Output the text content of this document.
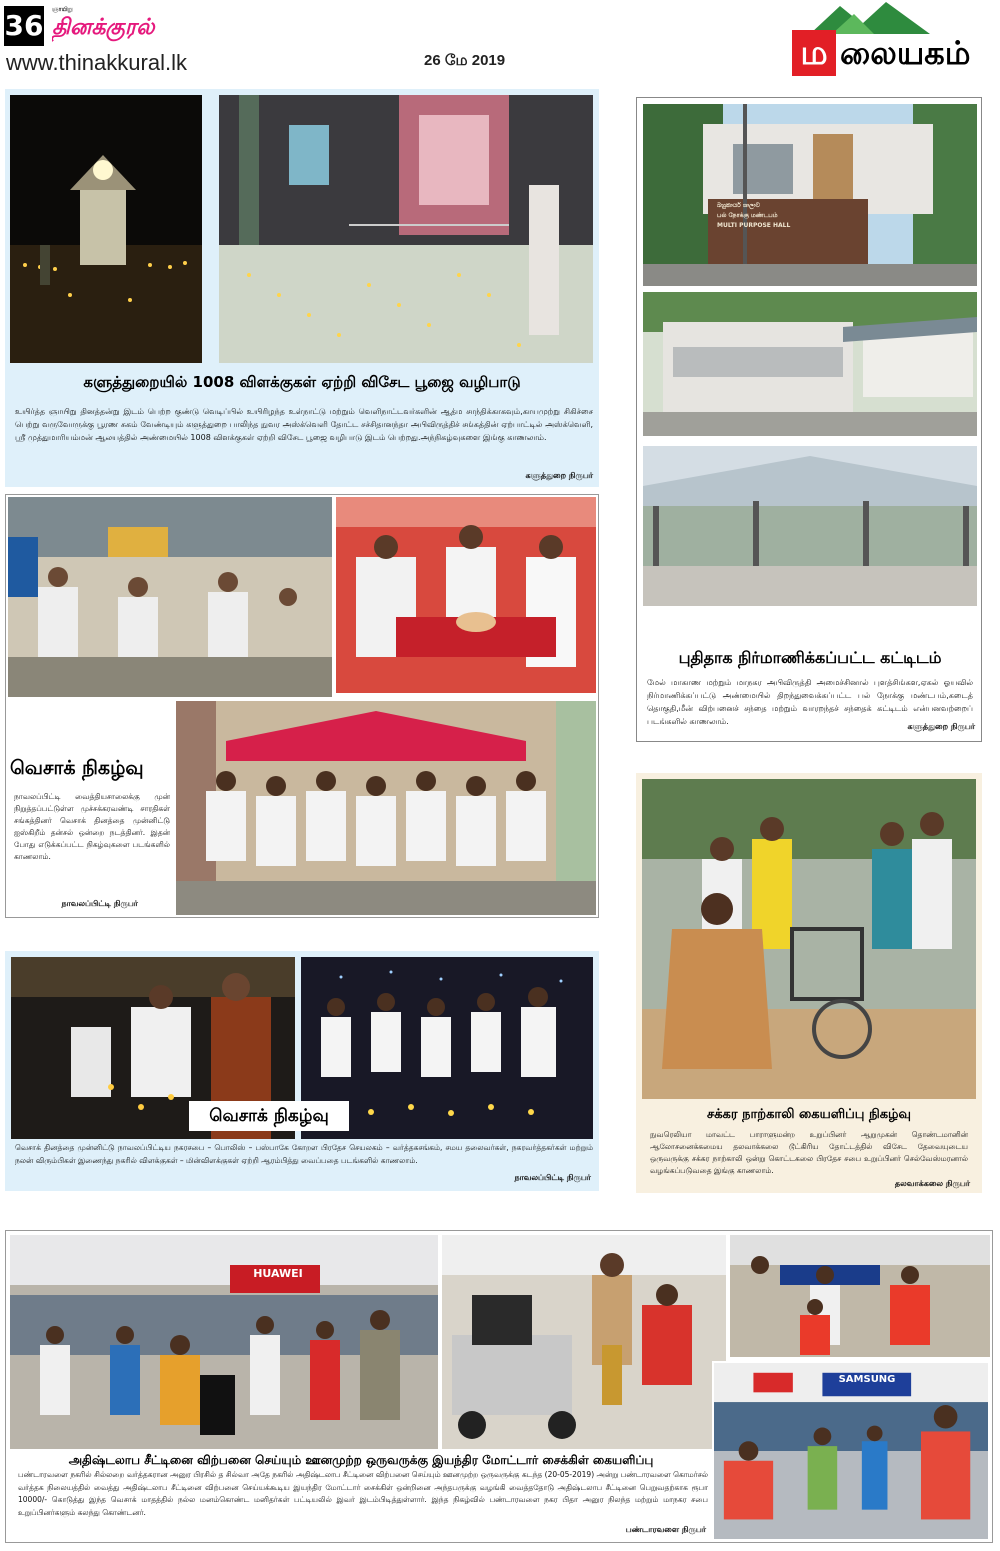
36 ஞாயிறு
தினக்குரல்
www.thinakkural.lk	26 மே 2019	ம லையகம்
களுத்துறையில் 1008 விளக்குகள் ஏற்றி விசேட பூஜை வழிபாடு
உயிர்த்த ஞாயிறு தினத்தன்று இடம் பெற்ற குண்டு வெடிப்பில் உயிரிழந்த உள்நாட்டு மற்றும் வெளிநாட்டவர்களின் ஆத்ம சாந்திக்காகவும்,காயமுற்று சிகிச்சை பெற்று வருவோருக்கு பூரண சுகம் வேண்டியும் களுத்துறை பாலிந்த நுவர அஸ்க்வெளி தோட்ட சச்சிதானந்தா அபிவிருத்திச் சங்கத்தின் ஏற்பாட்டில் அஸ்க்வெளி, ஸ்ரீ முத்துமாரியம்மன் ஆலயத்தில் அண்மையில் 1008 விளக்குகள் ஏற்றி விசேட பூஜை வழிபாடு இடம் பெற்றது.அந்நிகழ்வுகளை இங்கு காணலாம்.
களுத்துறை நிருபர்
බහුකාර්ය ශාලාව
பல் நோக்கு மண்டபம்
MULTI PURPOSE HALL
புதிதாக நிர்மாணிக்கப்பட்ட கட்டிடம்
மேல் மாகாண மற்றும் மாநகர அபிவிருத்தி அமைச்சினால் புளத்சிங்கள,ஏகல் ஓயவில் நிர்மாணிக்கப்பட்டு அண்மையில் திறந்துவைக்கப்பட்ட பல் நோக்கு மண்டபம்,கடைத் தொகுதி,மீன் விற்பனைச் சந்தை மற்றும் வாரறந்தச் சந்தைக் கட்டிடம் என்பனவற்றைப் படங்களில் காணலாம்.
களுத்துறை நிருபர்
வெசாக் நிகழ்வு
நாவலப்பிட்டி வைத்தியசாலைக்கு முன் நிறுத்தப்பட்டுள்ள முச்சக்கரவண்டி சாரதிகள் சங்கத்தினர் வெசாக் தினத்தை முன்னிட்டு ஐஸ்கிறீம் தன்சல் ஒன்றை நடத்தினர். இதன் போது எடுக்கப்பட்ட நிகழ்வுகளை படங்களில் காணலாம்.
நாவலப்பிட்டி நிருபர்
சக்கர நாற்காலி கையளிப்பு நிகழ்வு
நுவரெலியா மாவட்ட பாராளுமன்ற உறுப்பினர் ஆறுமுகன் தொண்டமானின் ஆலோசனைக்கமைய தலவாக்கலை டூட்கிரிய தோட்டத்தில் விசேட தேவையுடைய ஒருவருக்கு சக்கர நாற்காலி ஒன்று கொட்டகலை பிரதேச சபை உறுப்பினர் செல்வேஸ்மரனால் வழங்கப்படுவதை இங்கு காணலாம்.
தலவாக்கலை நிருபர்
வெசாக் நிகழ்வு
வெசாக் தினத்தை முன்னிட்டு நாவலப்பிட்டிய நகரசபை – பொலிஸ் – பஸ்பாகே கோறள பிரதேச செயலகம் – வர்த்தகசங்கம், சமய தலைவர்கள், நகரவர்த்தகர்கள் மற்றும் நலன் விரும்பிகள் இணைந்து நகரில் விளக்குகள் – மின்விளக்குகள் ஏற்றி ஆரம்பித்து வைப்பதை படங்களில் காணலாம்.
நாவலப்பிட்டி நிருபர்
HUAWEI
SAMSUNG
அதிஷ்டலாப சீட்டினை விற்பனை செய்யும் ஊனமுற்ற ஒருவருக்கு இயந்திர மோட்டார் சைக்கிள் கையளிப்பு
பண்டாரவளை நகரில் சில்லறை வர்த்தகரான அனுர பிரசில் த சில்வா அதே நகரில் அதிஷ்டலாப சீட்டினை விற்பனை செய்யும் ஊனமுற்ற ஒருவருக்கு கடந்த (20-05-2019) அன்று பண்டாரவளை கொமர்சல் வர்த்தக நிலையத்தில் வைத்து அதிஷ்டலாப சீட்டினை விற்பனை செய்யக்கூடிய இயந்திர மோட்டார் சைக்கிள் ஒன்றினை அந்தபருக்கு வழங்கி வைத்ததோடு அதிஷ்டலாப சீட்டினை பெறுவதற்காக ரூபா 10000/- கொடுத்து இந்த வெசாக் மாதத்தில் நல்ல மனம்கொண்ட மனிதர்கள் பட்டியலில் இவர் இடம்பிடித்துள்ளார். இந்த நிகழ்வில் பண்டாரவளை நகர பிதா அனுர நிலந்த மற்றும் மாநகர சபை உறுப்பினர்களும் கலந்து கொண்டனர்.
பண்டாரவளை நிருபர்
